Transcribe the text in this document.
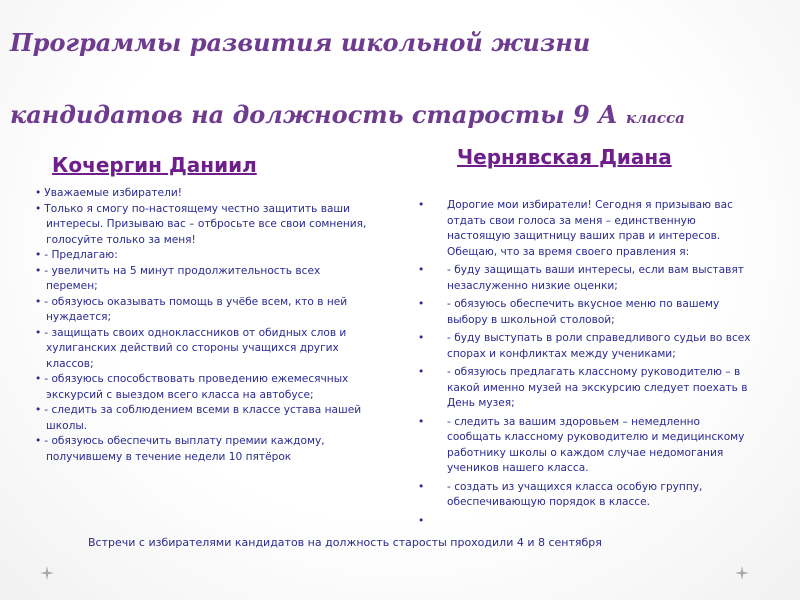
Программы развития школьной жизни
кандидатов на должность старосты 9 А класса
Кочергин Даниил	Чернявская Диана
• Уважаемые избиратели!
• Только я смогу по-настоящему честно защитить ваши интересы. Призываю вас – отбросьте все свои сомнения, голосуйте только за меня!
• - Предлагаю:
• - увеличить на 5 минут продолжительность всех перемен;
• - обязуюсь оказывать помощь в учёбе всем, кто в ней нуждается;
• - защищать своих одноклассников от обидных слов и хулиганских действий со стороны учащихся других классов;
• - обязуюсь способствовать проведению ежемесячных экскурсий с выездом всего класса на автобусе;
• - следить за соблюдением всеми в классе устава нашей школы.
• - обязуюсь обеспечить выплату премии каждому, получившему в течение недели 10 пятёрок
• Дорогие мои избиратели! Сегодня я призываю вас отдать свои голоса за меня – единственную настоящую защитницу ваших прав и интересов. Обещаю, что за время своего правления я:
• - буду защищать ваши интересы, если вам выставят незаслуженно низкие оценки;
• - обязуюсь обеспечить вкусное меню по вашему выбору в школьной столовой;
• - буду выступать в роли справедливого судьи во всех спорах и конфликтах между учениками;
• - обязуюсь предлагать классному руководителю – в какой именно музей на экскурсию следует поехать в День музея;
• - следить за вашим здоровьем – немедленно сообщать классному руководителю и медицинскому работнику школы о каждом случае недомогания учеников нашего класса.
• - создать из учащихся класса особую группу, обеспечивающую порядок в классе.
•

Встречи с избирателями кандидатов на должность старосты проходили 4 и 8 сентября
